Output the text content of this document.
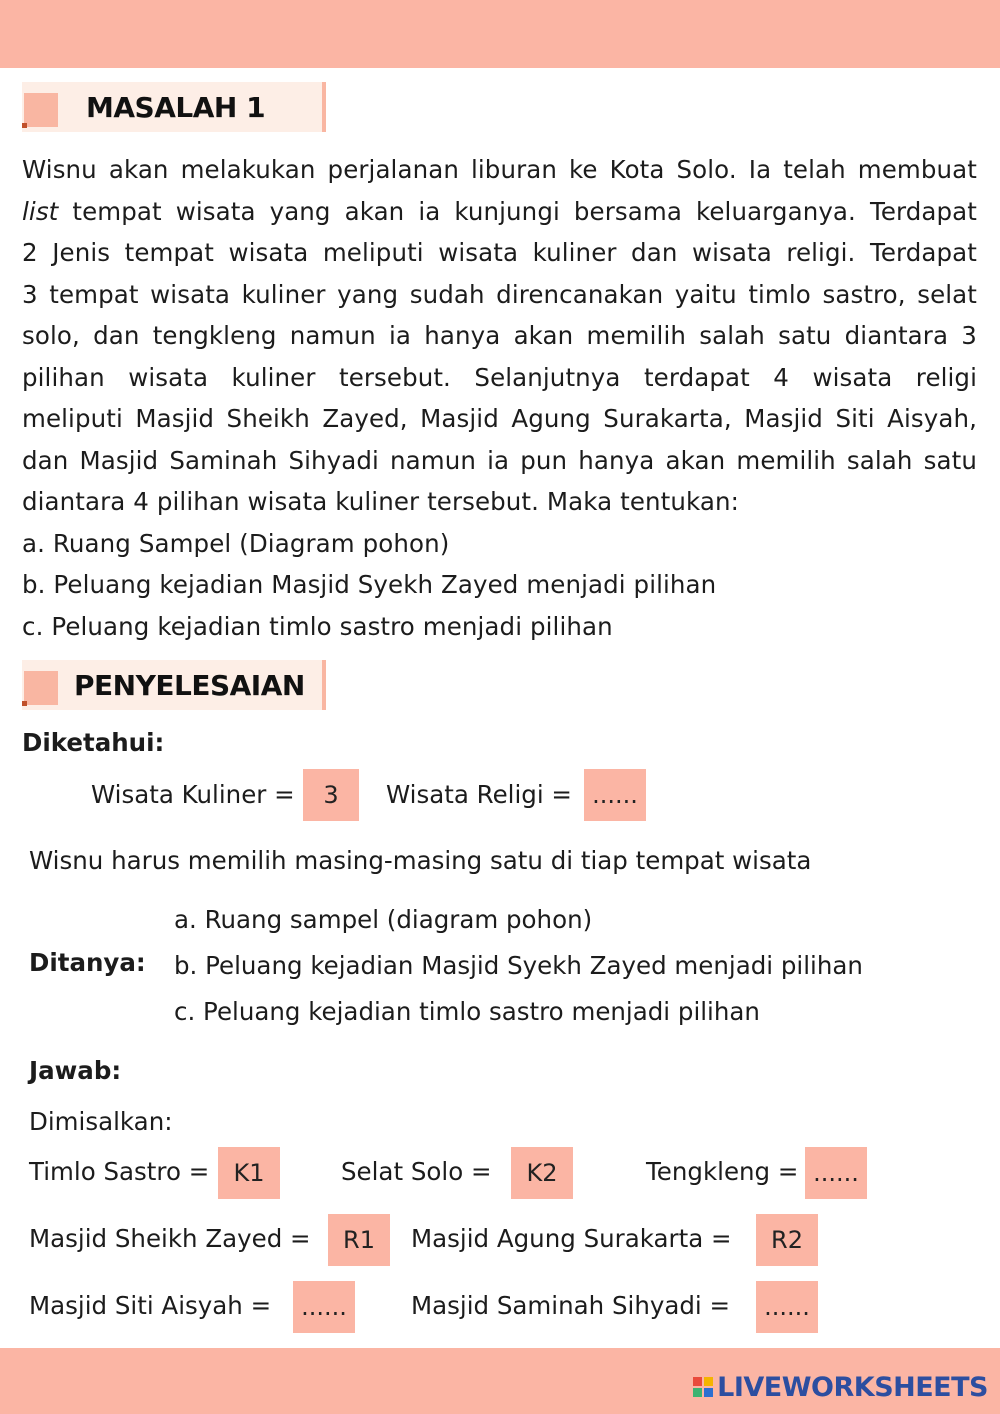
MASALAH 1
Wisnu akan melakukan perjalanan liburan ke Kota Solo. Ia telah membuat
list tempat wisata yang akan ia kunjungi bersama keluarganya. Terdapat
2 Jenis tempat wisata meliputi wisata kuliner dan wisata religi. Terdapat
3 tempat wisata kuliner yang sudah direncanakan yaitu timlo sastro, selat
solo, dan tengkleng namun ia hanya akan memilih salah satu diantara 3
pilihan wisata kuliner tersebut. Selanjutnya terdapat 4 wisata religi
meliputi Masjid Sheikh Zayed, Masjid Agung Surakarta, Masjid Siti Aisyah,
dan Masjid Saminah Sihyadi namun ia pun hanya akan memilih salah satu
diantara 4 pilihan wisata kuliner tersebut. Maka tentukan:
a. Ruang Sampel (Diagram pohon)
b. Peluang kejadian Masjid Syekh Zayed menjadi pilihan
c. Peluang kejadian timlo sastro menjadi pilihan
PENYELESAIAN
Diketahui:
Wisata Kuliner =	3	Wisata Religi = ......
Wisnu harus memilih masing-masing satu di tiap tempat wisata
Ditanya:
a. Ruang sampel (diagram pohon)
b. Peluang kejadian Masjid Syekh Zayed menjadi pilihan
c. Peluang kejadian timlo sastro menjadi pilihan
Jawab:
Dimisalkan:
Timlo Sastro =	K1	Selat Solo =	K2	Tengkleng = ......
Masjid Sheikh Zayed =	R1	Masjid Agung Surakarta =	R2
Masjid Siti Aisyah =	......	Masjid Saminah Sihyadi =	......
LIVEWORKSHEETS
